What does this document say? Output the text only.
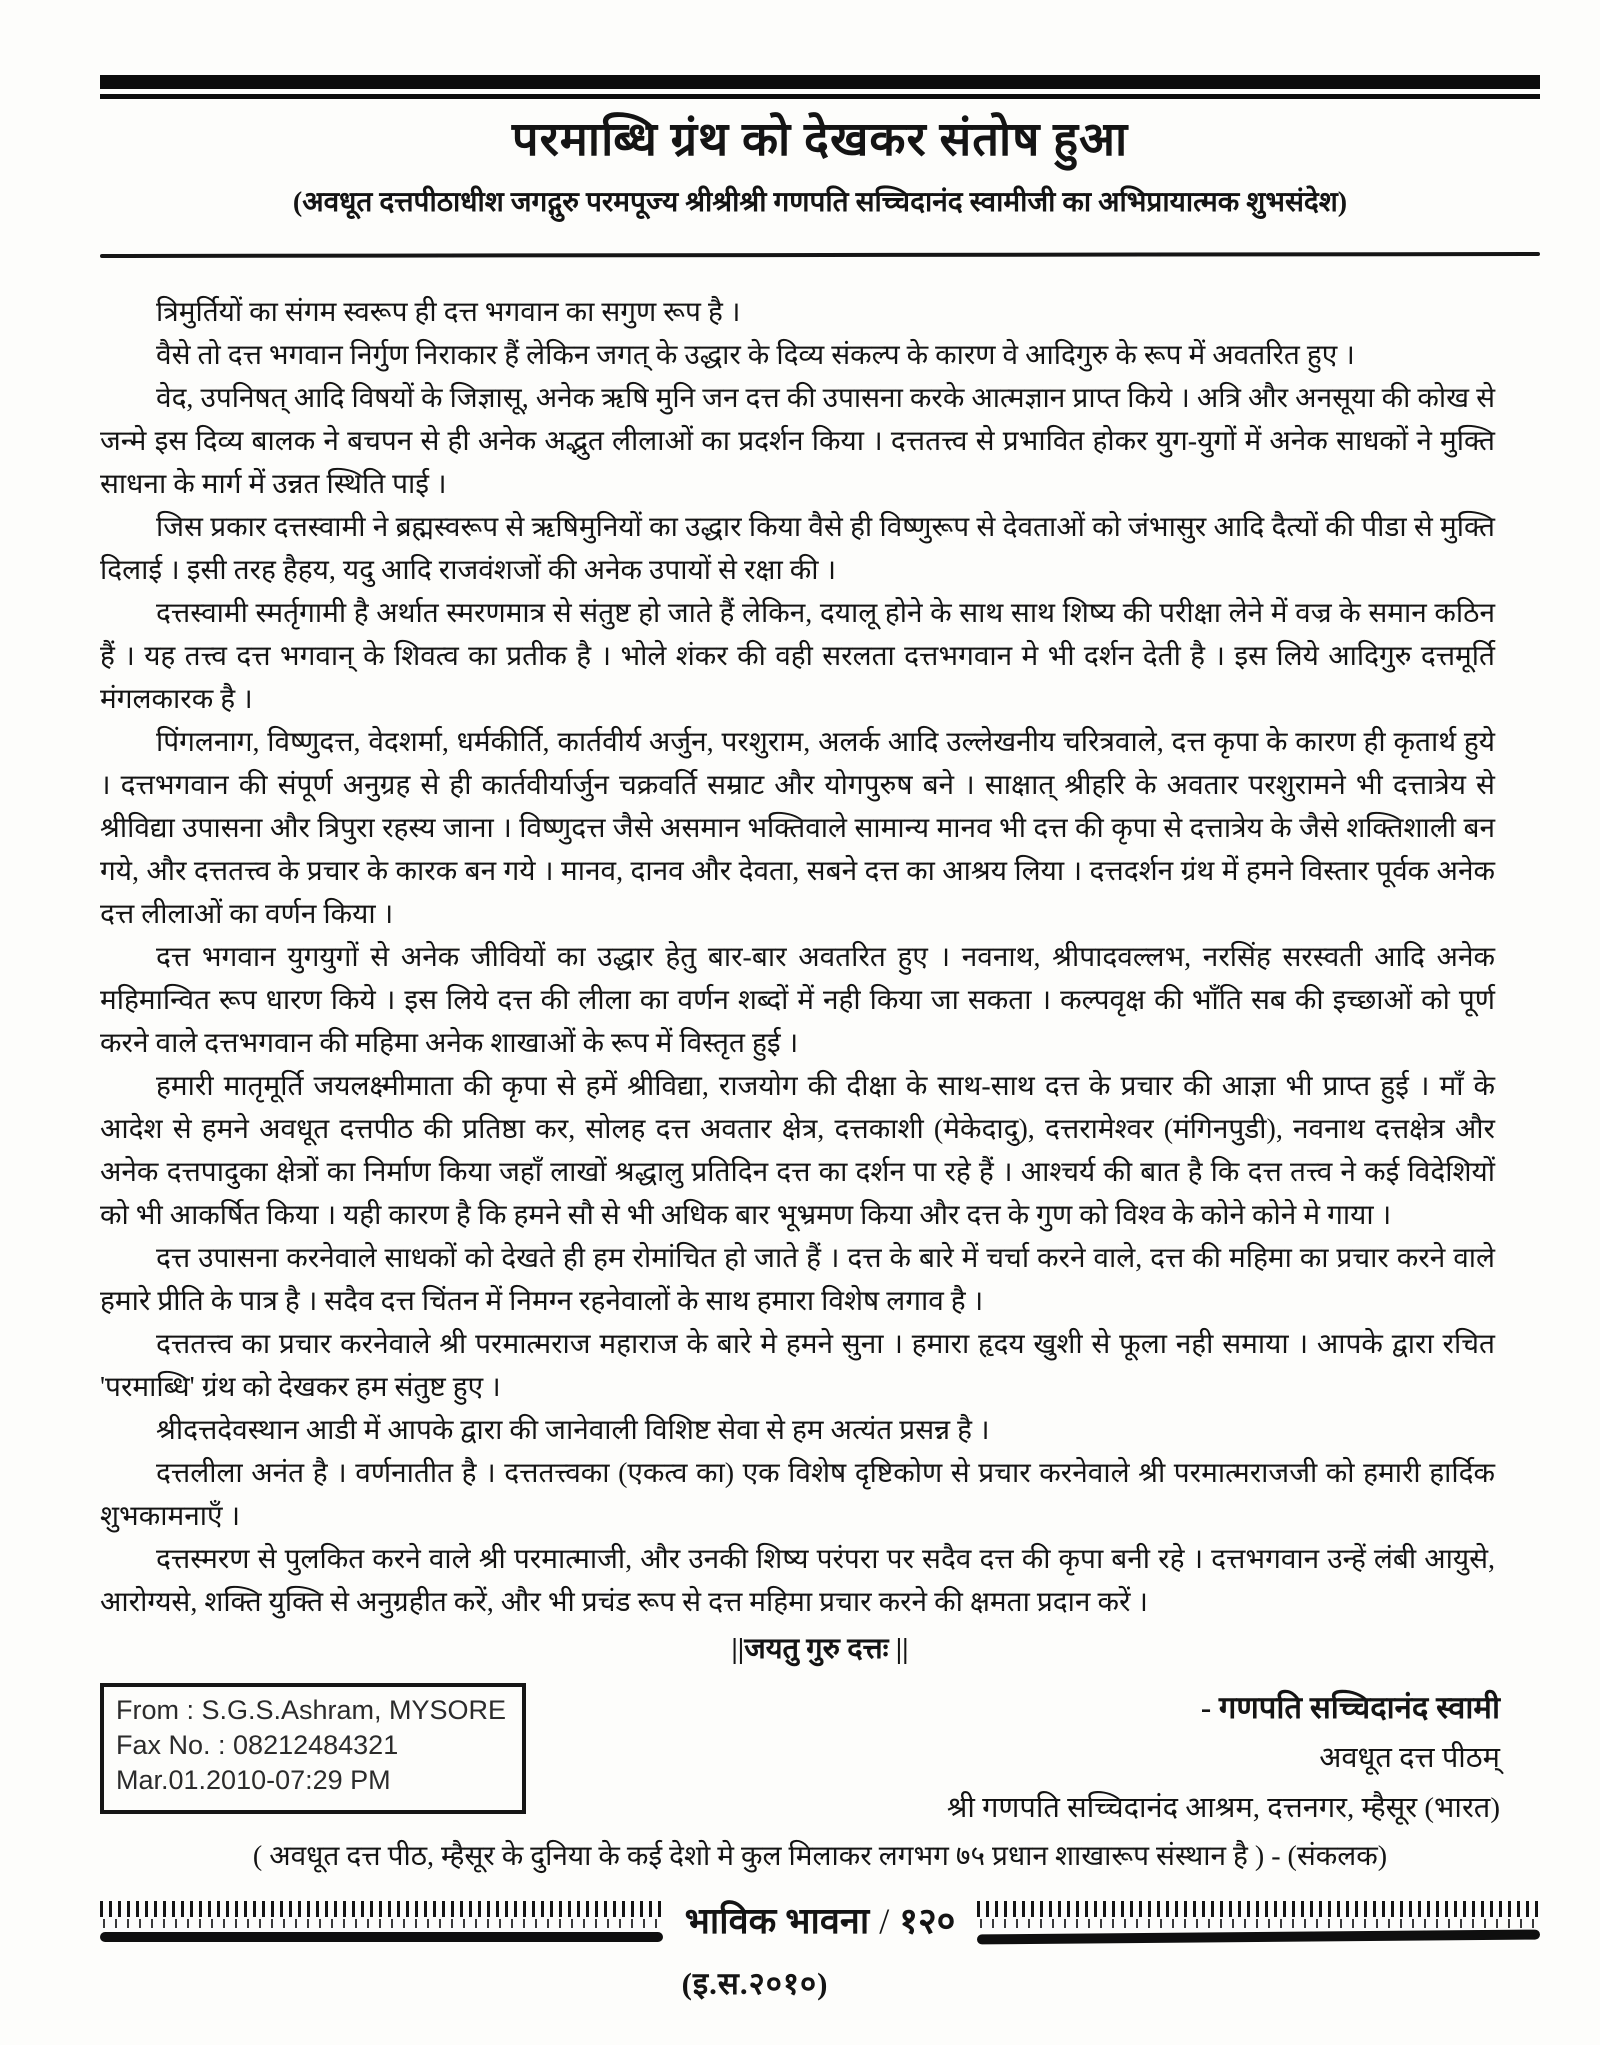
परमाब्धि ग्रंथ को देखकर संतोष हुआ
(अवधूत दत्तपीठाधीश जगद्गुरु परमपूज्य श्रीश्रीश्री गणपति सच्चिदानंद स्वामीजी का अभिप्रायात्मक शुभसंदेश)

त्रिमुर्तियों का संगम स्वरूप ही दत्त भगवान का सगुण रूप है ।

वैसे तो दत्त भगवान निर्गुण निराकार हैं लेकिन जगत् के उद्धार के दिव्य संकल्प के कारण वे आदिगुरु के रूप में अवतरित हुए ।

वेद, उपनिषत् आदि विषयों के जिज्ञासू, अनेक ऋषि मुनि जन दत्त की उपासना करके आत्मज्ञान प्राप्त किये । अत्रि और अनसूया की कोख से जन्मे इस दिव्य बालक ने बचपन से ही अनेक अद्भुत लीलाओं का प्रदर्शन किया । दत्ततत्त्व से प्रभावित होकर युग-युगों में अनेक साधकों ने मुक्ति साधना के मार्ग में उन्नत स्थिति पाई ।

जिस प्रकार दत्तस्वामी ने ब्रह्मस्वरूप से ऋषिमुनियों का उद्धार किया वैसे ही विष्णुरूप से देवताओं को जंभासुर आदि दैत्यों की पीडा से मुक्ति दिलाई । इसी तरह हैहय, यदु आदि राजवंशजों की अनेक उपायों से रक्षा की ।

दत्तस्वामी स्मर्तृगामी है अर्थात स्मरणमात्र से संतुष्ट हो जाते हैं लेकिन, दयालू होने के साथ साथ शिष्य की परीक्षा लेने में वज्र के समान कठिन हैं । यह तत्त्व दत्त भगवान् के शिवत्व का प्रतीक है । भोले शंकर की वही सरलता दत्तभगवान मे भी दर्शन देती है । इस लिये आदिगुरु दत्तमूर्ति मंगलकारक है ।

पिंगलनाग, विष्णुदत्त, वेदशर्मा, धर्मकीर्ति, कार्तवीर्य अर्जुन, परशुराम, अलर्क आदि उल्लेखनीय चरित्रवाले, दत्त कृपा के कारण ही कृतार्थ हुये । दत्तभगवान की संपूर्ण अनुग्रह से ही कार्तवीर्यार्जुन चक्रवर्ति सम्राट और योगपुरुष बने । साक्षात् श्रीहरि के अवतार परशुरामने भी दत्तात्रेय से श्रीविद्या उपासना और त्रिपुरा रहस्य जाना । विष्णुदत्त जैसे असमान भक्तिवाले सामान्य मानव भी दत्त की कृपा से दत्तात्रेय के जैसे शक्तिशाली बन गये, और दत्ततत्त्व के प्रचार के कारक बन गये । मानव, दानव और देवता, सबने दत्त का आश्रय लिया । दत्तदर्शन ग्रंथ में हमने विस्तार पूर्वक अनेक दत्त लीलाओं का वर्णन किया ।

दत्त भगवान युगयुगों से अनेक जीवियों का उद्धार हेतु बार-बार अवतरित हुए । नवनाथ, श्रीपादवल्लभ, नरसिंह सरस्वती आदि अनेक महिमान्वित रूप धारण किये । इस लिये दत्त की लीला का वर्णन शब्दों में नही किया जा सकता । कल्पवृक्ष की भाँति सब की इच्छाओं को पूर्ण करने वाले दत्तभगवान की महिमा अनेक शाखाओं के रूप में विस्तृत हुई ।

हमारी मातृमूर्ति जयलक्ष्मीमाता की कृपा से हमें श्रीविद्या, राजयोग की दीक्षा के साथ-साथ दत्त के प्रचार की आज्ञा भी प्राप्त हुई । माँ के आदेश से हमने अवधूत दत्तपीठ की प्रतिष्ठा कर, सोलह दत्त अवतार क्षेत्र, दत्तकाशी (मेकेदादु), दत्तरामेश्वर (मंगिनपुडी), नवनाथ दत्तक्षेत्र और अनेक दत्तपादुका क्षेत्रों का निर्माण किया जहाँ लाखों श्रद्धालु प्रतिदिन दत्त का दर्शन पा रहे हैं । आश्चर्य की बात है कि दत्त तत्त्व ने कई विदेशियों को भी आकर्षित किया । यही कारण है कि हमने सौ से भी अधिक बार भूभ्रमण किया और दत्त के गुण को विश्व के कोने कोने मे गाया ।

दत्त उपासना करनेवाले साधकों को देखते ही हम रोमांचित हो जाते हैं । दत्त के बारे में चर्चा करने वाले, दत्त की महिमा का प्रचार करने वाले हमारे प्रीति के पात्र है । सदैव दत्त चिंतन में निमग्न रहनेवालों के साथ हमारा विशेष लगाव है ।

दत्ततत्त्व का प्रचार करनेवाले श्री परमात्मराज महाराज के बारे मे हमने सुना । हमारा हृदय खुशी से फूला नही समाया । आपके द्वारा रचित 'परमाब्धि' ग्रंथ को देखकर हम संतुष्ट हुए ।

श्रीदत्तदेवस्थान आडी में आपके द्वारा की जानेवाली विशिष्ट सेवा से हम अत्यंत प्रसन्न है ।

दत्तलीला अनंत है । वर्णनातीत है । दत्ततत्त्वका (एकत्व का) एक विशेष दृष्टिकोण से प्रचार करनेवाले श्री परमात्मराजजी को हमारी हार्दिक शुभकामनाएँ ।

दत्तस्मरण से पुलकित करने वाले श्री परमात्माजी, और उनकी शिष्य परंपरा पर सदैव दत्त की कृपा बनी रहे । दत्तभगवान उन्हें लंबी आयुसे, आरोग्यसे, शक्ति युक्ति से अनुग्रहीत करें, और भी प्रचंड रूप से दत्त महिमा प्रचार करने की क्षमता प्रदान करें ।

||जयतु गुरु दत्तः ||
From : S.G.S.Ashram, MYSORE
Fax No. : 08212484321
Mar.01.2010-07:29 PM
- गणपति सच्चिदानंद स्वामी
अवधूत दत्त पीठम्
श्री गणपति सच्चिदानंद आश्रम, दत्तनगर, म्हैसूर (भारत)
( अवधूत दत्त पीठ, म्हैसूर के दुनिया के कई देशो मे कुल मिलाकर लगभग ७५ प्रधान शाखारूप संस्थान है ) - (संकलक)
भाविक भावना / १२०
(इ.स.२०१०)
